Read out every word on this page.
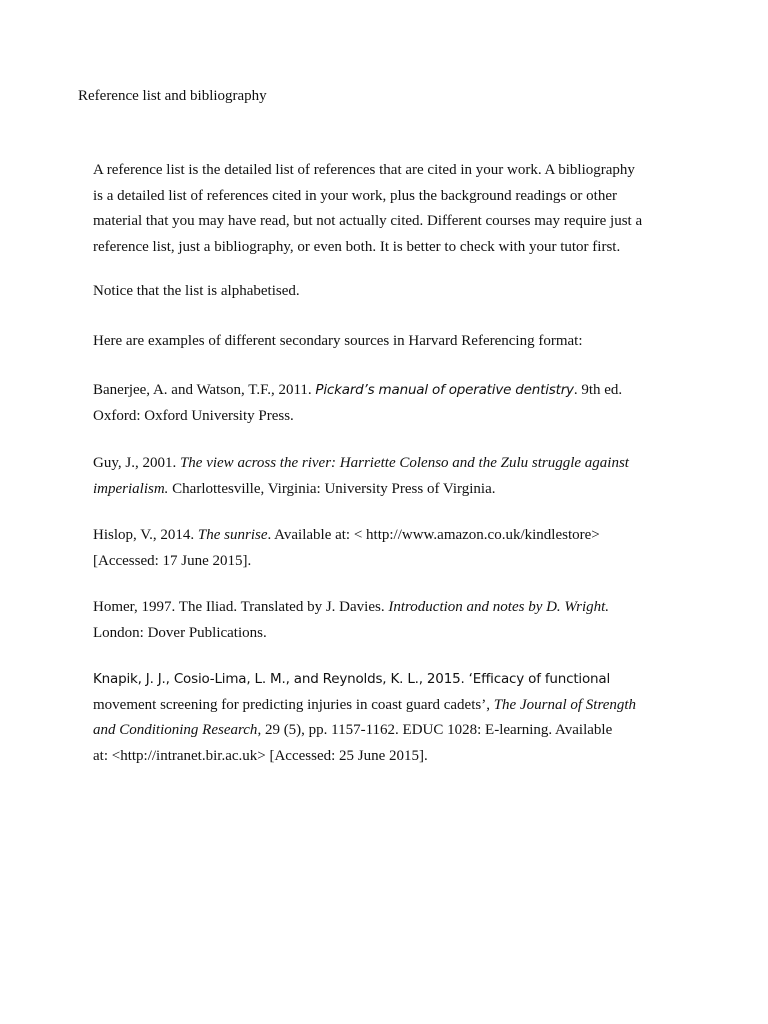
Reference list and bibliography
A reference list is the detailed list of references that are cited in your work. A bibliography
is a detailed list of references cited in your work, plus the background readings or other
material that you may have read, but not actually cited. Different courses may require just a
reference list, just a bibliography, or even both. It is better to check with your tutor first.
Notice that the list is alphabetised.
Here are examples of different secondary sources in Harvard Referencing format:
Banerjee, A. and Watson, T.F., 2011. Pickard’s manual of operative dentistry. 9th ed.
Oxford: Oxford University Press.
Guy, J., 2001. The view across the river: Harriette Colenso and the Zulu struggle against
imperialism. Charlottesville, Virginia: University Press of Virginia.
Hislop, V., 2014. The sunrise. Available at: < http://www.amazon.co.uk/kindlestore>
[Accessed: 17 June 2015].
Homer, 1997. The Iliad. Translated by J. Davies. Introduction and notes by D. Wright.
London: Dover Publications.
Knapik, J. J., Cosio-Lima, L. M., and Reynolds, K. L., 2015. ‘Efficacy of functional
movement screening for predicting injuries in coast guard cadets’, The Journal of Strength
and Conditioning Research, 29 (5), pp. 1157-1162. EDUC 1028: E-learning. Available
at: <http://intranet.bir.ac.uk> [Accessed: 25 June 2015].
